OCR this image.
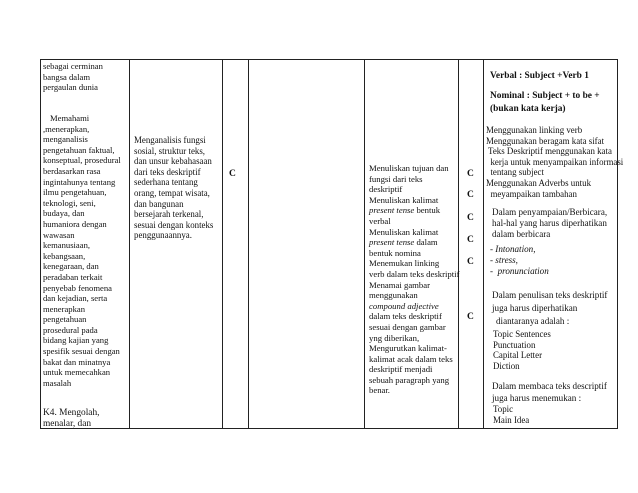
sebagai cerminan
bangsa dalam
pergaulan dunia
Memahami
,menerapkan,
menganalisis
pengetahuan faktual,
konseptual, prosedural
berdasarkan rasa
ingintahunya tentang
ilmu pengetahuan,
teknologi, seni,
budaya, dan
humaniora dengan
wawasan
kemanusiaan,
kebangsaan,
kenegaraan, dan
peradaban terkait
penyebab fenomena
dan kejadian, serta
menerapkan
pengetahuan
prosedural pada
bidang kajian yang
spesifik sesuai dengan
bakat dan minatnya
untuk memecahkan
masalah
K4. Mengolah,
menalar, dan
Menganalisis fungsi
sosial, struktur teks,
dan unsur kebahasaan
dari teks deskriptif
sederhana tentang
orang, tempat wisata,
dan bangunan
bersejarah terkenal,
sesuai dengan konteks
penggunaannya.
C
Menuliskan tujuan dan
fungsi dari teks
deskriptif
Menuliskan kalimat
present tense bentuk
verbal
Menuliskan kalimat
present tense dalam
bentuk nomina
Menemukan linking
verb dalam teks deskriptif
Menamai gambar
menggunakan
compound adjective
dalam teks deskriptif
sesuai dengan gambar
yng diberikan,
Mengurutkan kalimat-
kalimat acak dalam teks
deskriptif menjadi
sebuah paragraph yang
benar.
C
C
C
C
C
C
Verbal : Subject +Verb 1
Nominal : Subject + to be +
(bukan kata kerja)
Menggunakan linking verb
Menggunakan beragam kata sifat
Teks Deskriptif menggunakan kata
kerja untuk menyampaikan informasi
tentang subject
Menggunakan Adverbs untuk
meyampaikan tambahan
Dalam penyampaian/Berbicara,
hal-hal yang harus diperhatikan
dalam berbicara
- Intonation,
- stress,
-  pronunciation
Dalam penulisan teks deskriptif
juga harus diperhatikan
diantaranya adalah :
Topic Sentences
Punctuation
Capital Letter
Diction
Dalam membaca teks descriptif
juga harus menemukan :
Topic
Main Idea
